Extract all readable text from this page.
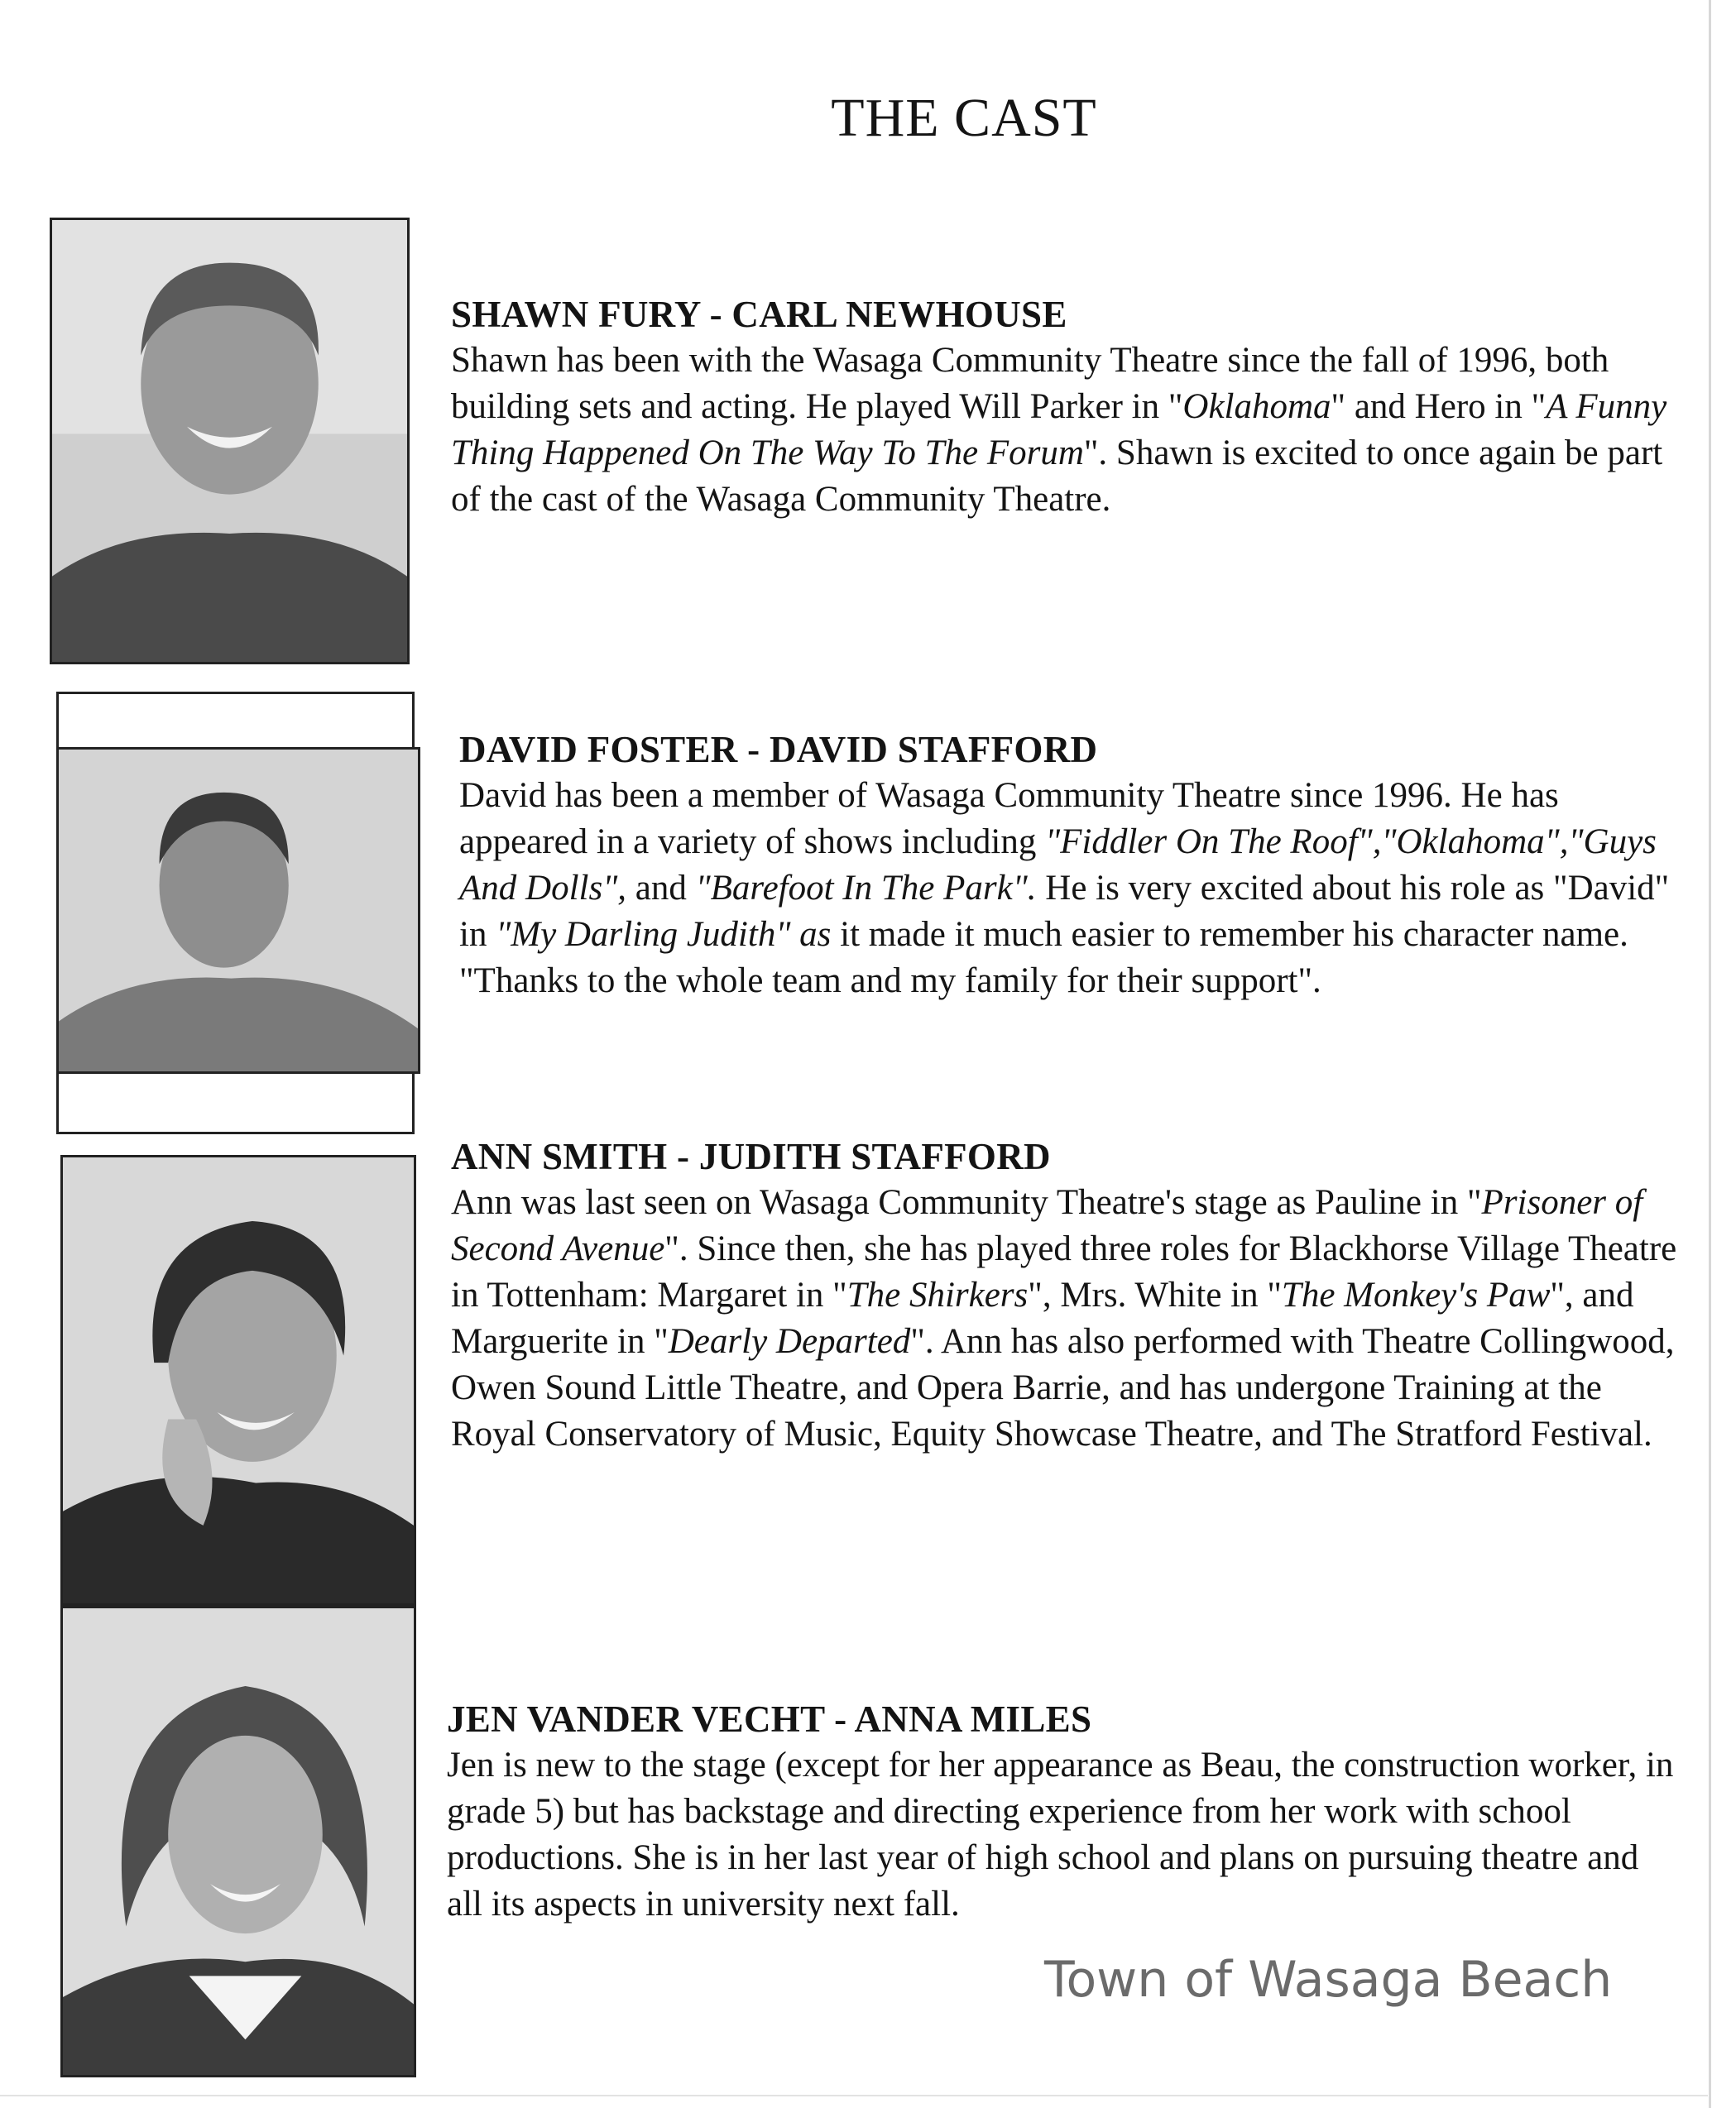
THE CAST
SHAWN FURY - CARL NEWHOUSE
Shawn has been with the Wasaga Community Theatre since the fall of 1996, both building sets and acting. He played Will Parker in "Oklahoma" and Hero in "A Funny Thing Happened On The Way To The Forum". Shawn is excited to once again be part of the cast of the Wasaga Community Theatre.
DAVID FOSTER - DAVID STAFFORD
David has been a member of Wasaga Community Theatre since 1996. He has appeared in a variety of shows including "Fiddler On The Roof","Oklahoma","Guys And Dolls", and "Barefoot In The Park". He is very excited about his role as "David" in "My Darling Judith" as it made it much easier to remember his character name. "Thanks to the whole team and my family for their support".
ANN SMITH - JUDITH STAFFORD
Ann was last seen on Wasaga Community Theatre's stage as Pauline in "Prisoner of Second Avenue". Since then, she has played three roles for Blackhorse Village Theatre in Tottenham: Margaret in "The Shirkers", Mrs. White in "The Monkey's Paw", and Marguerite in "Dearly Departed". Ann has also performed with Theatre Collingwood, Owen Sound Little Theatre, and Opera Barrie, and has undergone Training at the Royal Conservatory of Music, Equity Showcase Theatre, and The Stratford Festival.
JEN VANDER VECHT - ANNA MILES
Jen is new to the stage (except for her appearance as Beau, the construction worker, in grade 5) but has backstage and directing experience from her work with school productions. She is in her last year of high school and plans on pursuing theatre and all its aspects in university next fall.
Town of Wasaga Beach
